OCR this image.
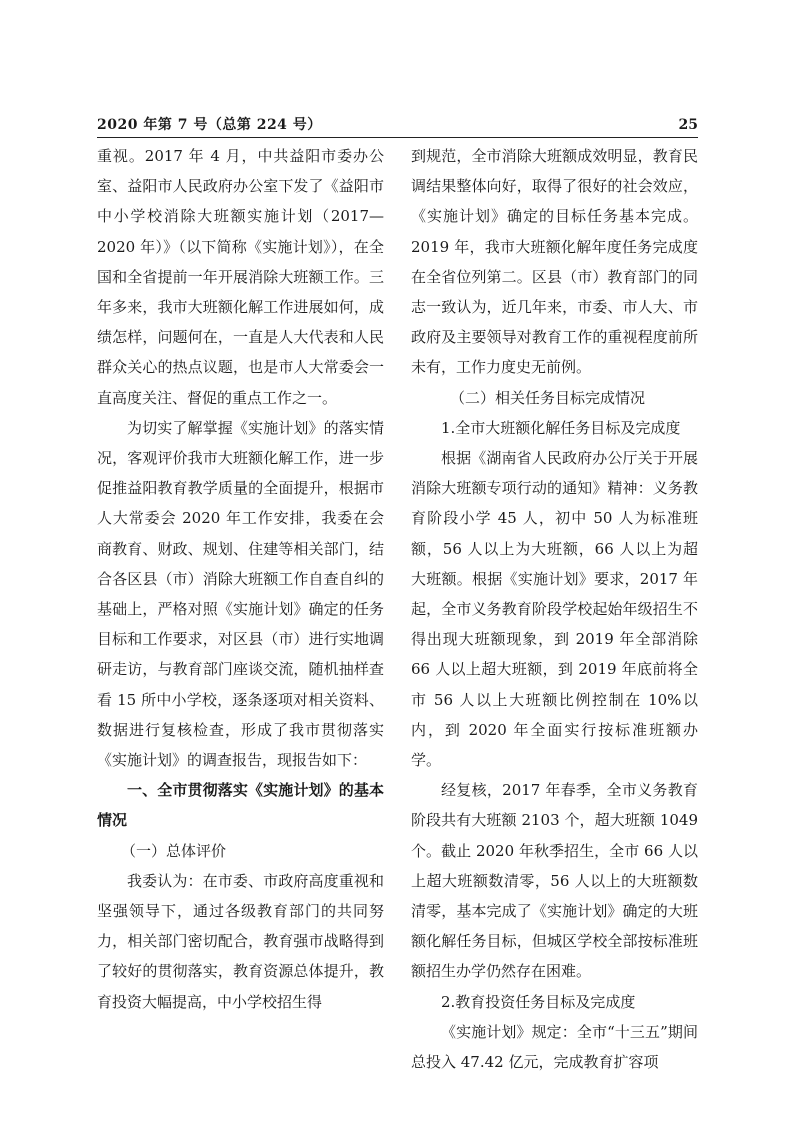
2020 年第 7 号（总第 224 号）	25

重视。2017 年 4 月，中共益阳市委办公室、益阳市人民政府办公室下发了《益阳市中小学校消除大班额实施计划（2017—2020 年）》（以下简称《实施计划》），在全国和全省提前一年开展消除大班额工作。三年多来，我市大班额化解工作进展如何，成绩怎样，问题何在，一直是人大代表和人民群众关心的热点议题，也是市人大常委会一直高度关注、督促的重点工作之一。

为切实了解掌握《实施计划》的落实情况，客观评价我市大班额化解工作，进一步促推益阳教育教学质量的全面提升，根据市人大常委会 2020 年工作安排，我委在会商教育、财政、规划、住建等相关部门，结合各区县（市）消除大班额工作自查自纠的基础上，严格对照《实施计划》确定的任务目标和工作要求，对区县（市）进行实地调研走访，与教育部门座谈交流，随机抽样查看 15 所中小学校，逐条逐项对相关资料、数据进行复核检查，形成了我市贯彻落实《实施计划》的调查报告，现报告如下：

一、全市贯彻落实《实施计划》的基本情况

（一）总体评价

我委认为：在市委、市政府高度重视和坚强领导下，通过各级教育部门的共同努力，相关部门密切配合，教育强市战略得到了较好的贯彻落实，教育资源总体提升，教育投资大幅提高，中小学校招生得

到规范，全市消除大班额成效明显，教育民调结果整体向好，取得了很好的社会效应，《实施计划》确定的目标任务基本完成。2019 年，我市大班额化解年度任务完成度在全省位列第二。区县（市）教育部门的同志一致认为，近几年来，市委、市人大、市政府及主要领导对教育工作的重视程度前所未有，工作力度史无前例。

（二）相关任务目标完成情况

1.全市大班额化解任务目标及完成度

根据《湖南省人民政府办公厅关于开展消除大班额专项行动的通知》精神：义务教育阶段小学 45 人，初中 50 人为标准班额，56 人以上为大班额，66 人以上为超大班额。根据《实施计划》要求，2017 年起，全市义务教育阶段学校起始年级招生不得出现大班额现象，到 2019 年全部消除 66 人以上超大班额，到 2019 年底前将全市 56 人以上大班额比例控制在 10%以内，到 2020 年全面实行按标准班额办学。

经复核，2017 年春季，全市义务教育阶段共有大班额 2103 个，超大班额 1049 个。截止 2020 年秋季招生，全市 66 人以上超大班额数清零，56 人以上的大班额数清零，基本完成了《实施计划》确定的大班额化解任务目标，但城区学校全部按标准班额招生办学仍然存在困难。

2.教育投资任务目标及完成度

《实施计划》规定：全市“十三五”期间总投入 47.42 亿元，完成教育扩容项
